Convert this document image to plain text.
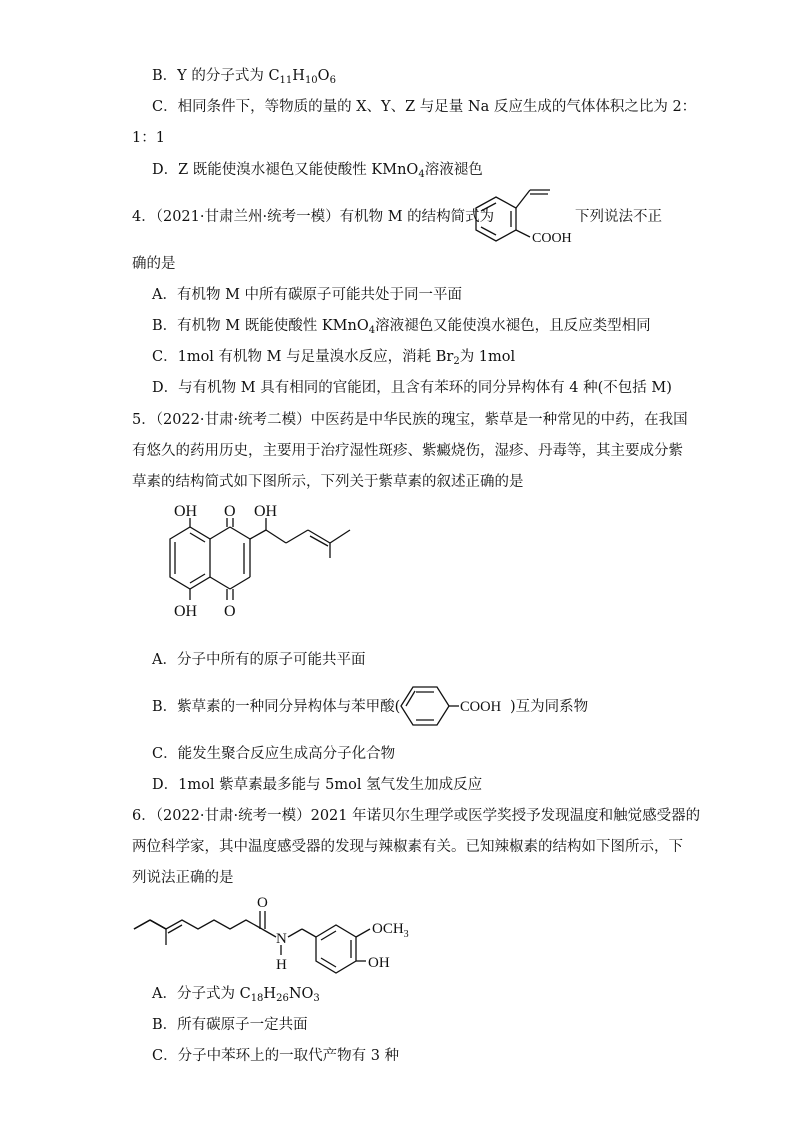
B．Y 的分子式为 $C_{11}H_{10}O_6$
C．相同条件下，等物质的量的 X、Y、Z 与足量 Na 反应生成的气体体积之比为 2：
1：1
D．Z 既能使溴水褪色又能使酸性 KMnO$_4$溶液褪色
4．（2021·甘肃兰州·统考一模）有机物 M 的结构简式为
COOH
下列说法不正
确的是
A．有机物 M 中所有碳原子可能共处于同一平面
B．有机物 M 既能使酸性 KMnO$_4$溶液褪色又能使溴水褪色，且反应类型相同
C．1mol 有机物 M 与足量溴水反应，消耗 $Br_2$为 1mol
D．与有机物 M 具有相同的官能团，且含有苯环的同分异构体有 4 种(不包括 M)
5．（2022·甘肃·统考二模）中医药是中华民族的瑰宝，紫草是一种常见的中药，在我国
有悠久的药用历史，主要用于治疗湿性斑疹、紫癜烧伤，湿疹、丹毒等，其主要成分紫
草素的结构简式如下图所示，下列关于紫草素的叙述正确的是
OH O OH
OH O
A．分子中所有的原子可能共平面
B．紫草素的一种同分异构体与苯甲酸(	COOH )互为同系物
C．能发生聚合反应生成高分子化合物
D．1mol 紫草素最多能与 5mol 氢气发生加成反应
6．（2022·甘肃·统考一模）2021 年诺贝尔生理学或医学奖授予发现温度和触觉感受器的
两位科学家，其中温度感受器的发现与辣椒素有关。已知辣椒素的结构如下图所示，下
列说法正确的是
O
N
H
$OCH_3$
OH
A．分子式为 $C_{18}H_{26}NO_3$
B．所有碳原子一定共面
C．分子中苯环上的一取代产物有 3 种
